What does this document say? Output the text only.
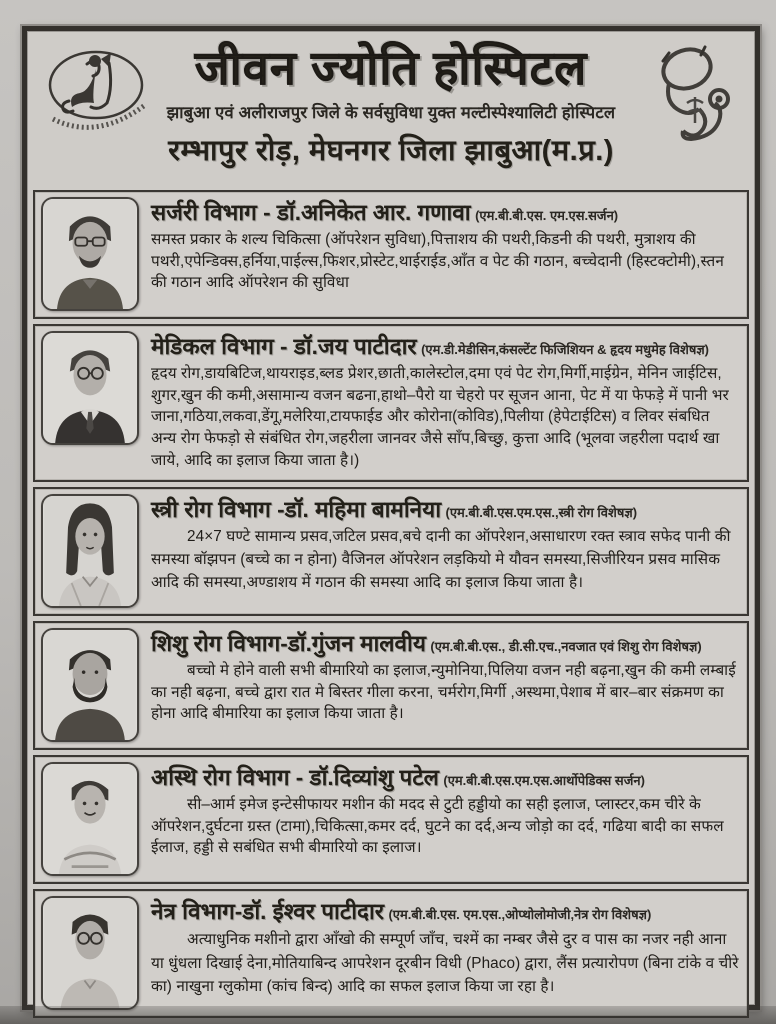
जीवन ज्योति होस्पिटल
झाबुआ एवं अलीराजपुर जिले के सर्वसुविधा युक्त मल्टीस्पेश्यालिटी होस्पिटल
रम्भापुर रोड़, मेघनगर जिला झाबुआ(म.प्र.)
सर्जरी विभाग - डॉ.अनिकेत आर. गणावा (एम.बी.बी.एस. एम.एस.सर्जन)
समस्त प्रकार के शल्य चिकित्सा (ऑपरेशन सुविधा),पित्ताशय की पथरी,किडनी की पथरी, मुत्राशय की पथरी,एपेन्डिक्स,हर्निया,पाईल्स,फिशर,प्रोस्टेट,थाईराईड,आँत व पेट की गठान, बच्चेदानी (हिस्टक्टोमी),स्तन की गठान आदि ऑपरेशन की सुविधा
मेडिकल विभाग - डॉ.जय पाटीदार (एम.डी.मेडीसिन,कंसल्टेंट फिजिशियन & हृदय मधुमेह विशेषज्ञ)
हृदय रोग,डायबिटिज,थायराइड,ब्लड प्रेशर,छाती,कालेस्टोल,दमा एवं पेट रोग,मिर्गी,माईग्रेन, मेनिन जाईटिस, शुगर,खुन की कमी,असामान्य वजन बढना,हाथो–पैरो या चेहरो पर सूजन आना, पेट में या फेफड़े में पानी भर जाना,गठिया,लकवा,डेंगू,मलेरिया,टायफाईड और कोरोना(कोविड),पिलीया (हेपेटाईटिस) व लिवर संबधित अन्य रोग फेफड़ो से संबंधित रोग,जहरीला जानवर जैसे साँप,बिच्छु, कुत्ता आदि (भूलवा जहरीला पदार्थ खा जाये, आदि का इलाज किया जाता है।)
स्त्री रोग विभाग -डॉ. महिमा बामनिया (एम.बी.बी.एस.एम.एस.,स्त्री रोग विशेषज्ञ)
24×7 घण्टे सामान्य प्रसव,जटिल प्रसव,बचे दानी का ऑपरेशन,असाधारण रक्त स्त्राव सफेद पानी की समस्या बॉझपन (बच्चे का न होना) वैजिनल ऑपरेशन लड़कियो मे यौवन समस्या,सिजीरियन प्रसव मासिक आदि की समस्या,अण्डाशय में गठान की समस्या आदि का इलाज किया जाता है।
शिशु रोग विभाग-डॉ.गुंजन मालवीय (एम.बी.बी.एस., डी.सी.एच.,नवजात एवं शिशु रोग विशेषज्ञ)
बच्चो मे होने वाली सभी बीमारियो का इलाज,न्युमोनिया,पिलिया वजन नही बढ़ना,खुन की कमी लम्बाई का नही बढ़ना, बच्चे द्वारा रात मे बिस्तर गीला करना, चर्मरोग,मिर्गी ,अस्थमा,पेशाब में बार–बार संक्रमण का होना आदि बीमारिया का इलाज किया जाता है।
अस्थि रोग विभाग - डॉ.दिव्यांशु पटेल (एम.बी.बी.एस.एम.एस.आर्थोपेडिक्स सर्जन)
सी–आर्म इमेज इन्टेसीफायर मशीन की मदद से टुटी हड्डीयो का सही इलाज, प्लास्टर,कम चीरे के ऑपरेशन,दुर्घटना ग्रस्त (टामा),चिकित्सा,कमर दर्द, घुटने का दर्द,अन्य जोड़ो का दर्द, गढिया बादी का सफल ईलाज, हड्डी से सबंधित सभी बीमारियो का इलाज।
नेत्र विभाग-डॉ. ईश्वर पाटीदार (एम.बी.बी.एस. एम.एस.,ओप्थोलोमोजी,नेत्र रोग विशेषज्ञ)
अत्याधुनिक मशीनो द्वारा आँखो की सम्पूर्ण जाँच, चश्में का नम्बर जैसे दुर व पास का नजर नही आना या धुंधला दिखाई देना,मोतियाबिन्द आपरेशन दूरबीन विधी (Phaco) द्वारा, लैंस प्रत्यारोपण (बिना टांके व चीरे का) नाखुना ग्लुकोमा (कांच बिन्द) आदि का सफल इलाज किया जा रहा है।
